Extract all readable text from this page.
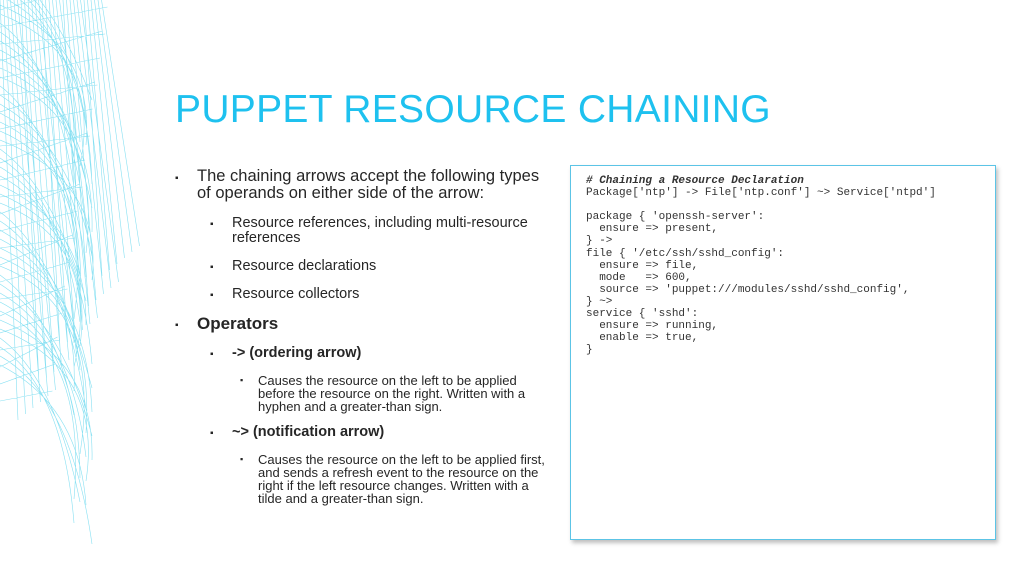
PUPPET RESOURCE CHAINING
▪ The chaining arrows accept the following types of operands on either side of the arrow:
▪ Resource references, including multi-resource references
▪ Resource declarations
▪ Resource collectors
▪ Operators
▪ -> (ordering arrow)
▪ Causes the resource on the left to be applied before the resource on the right. Written with a hyphen and a greater-than sign.
▪ ~> (notification arrow)
▪ Causes the resource on the left to be applied first, and sends a refresh event to the resource on the right if the left resource changes. Written with a tilde and a greater-than sign.
# Chaining a Resource Declaration
Package['ntp'] -> File['ntp.conf'] ~> Service['ntpd']

package { 'openssh-server':
ensure => present,
} ->
file { '/etc/ssh/sshd_config':
ensure => file,
mode   => 600,
source => 'puppet:///modules/sshd/sshd_config',
} ~>
service { 'sshd':
ensure => running,
enable => true,
}
